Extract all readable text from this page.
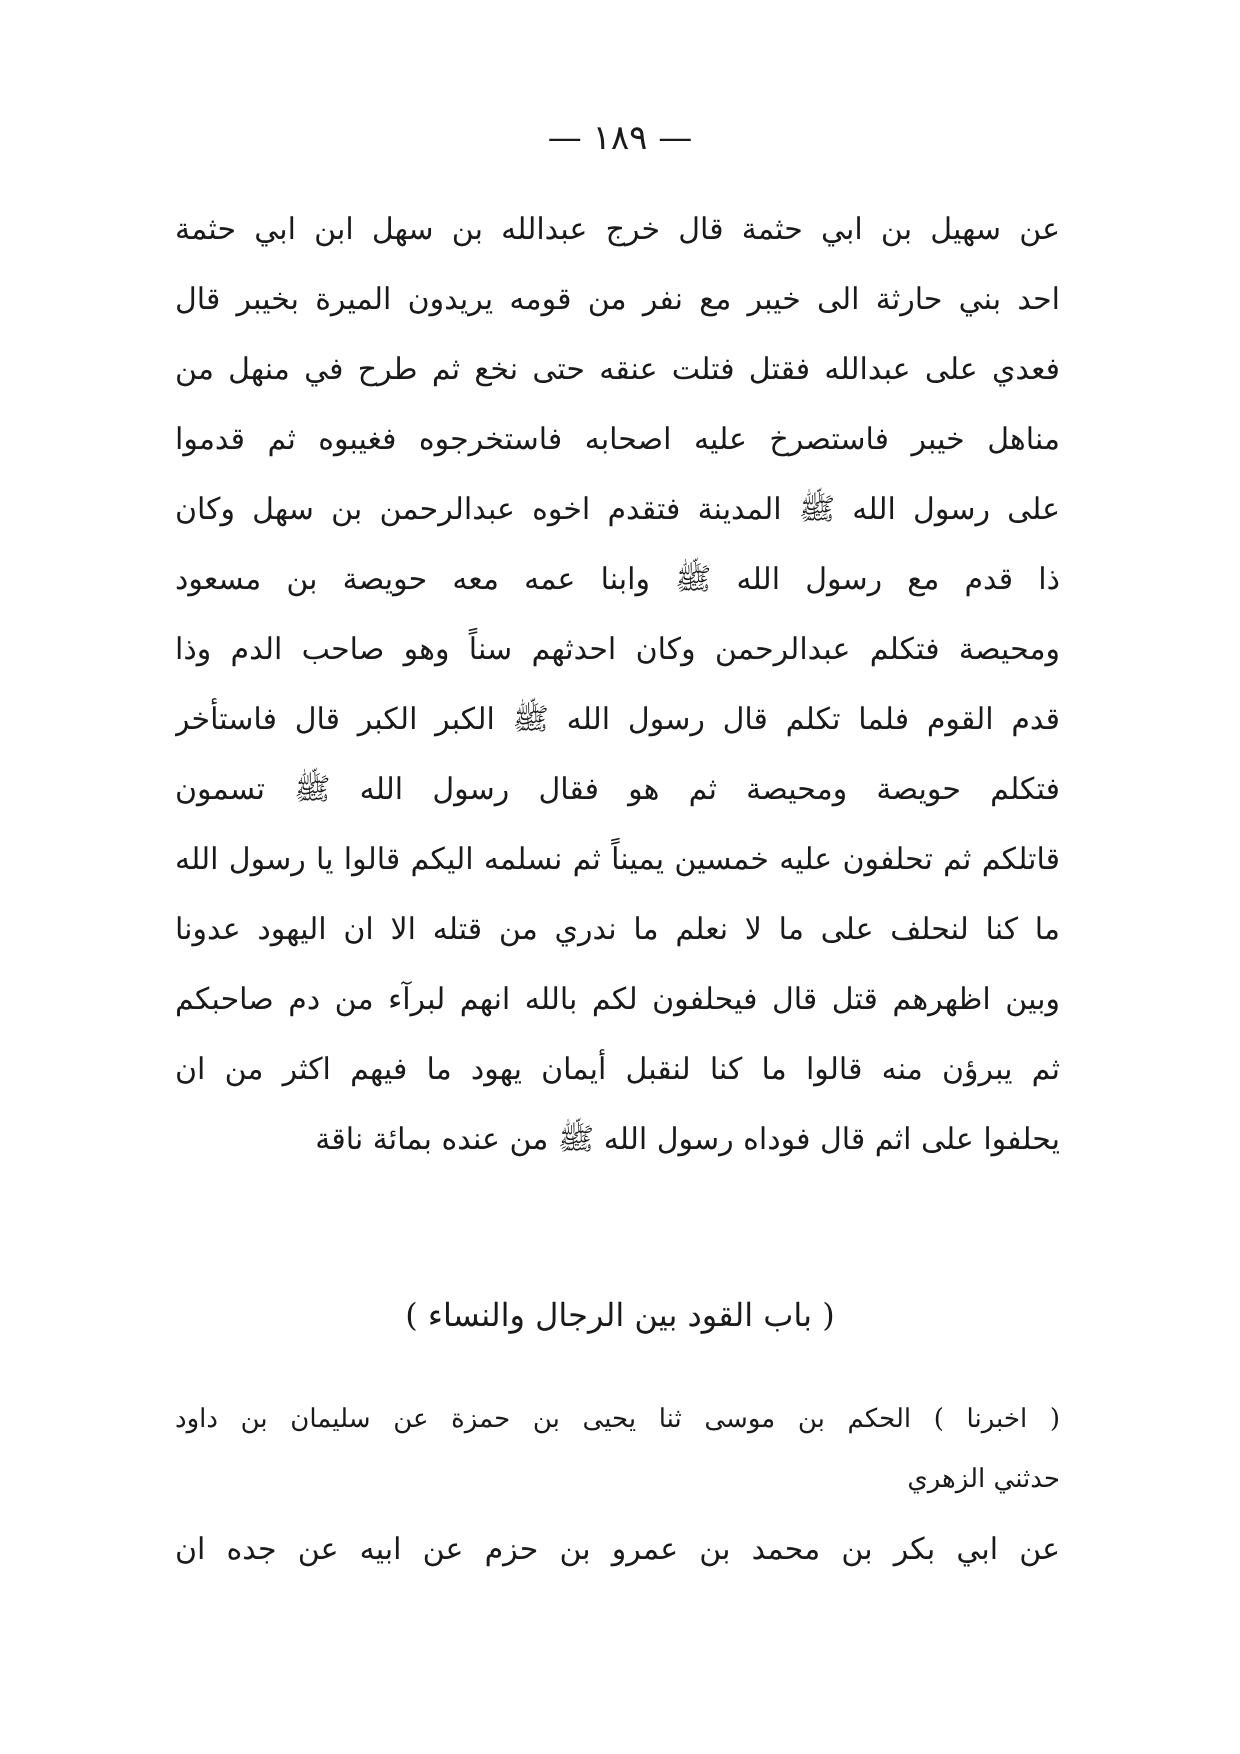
— ١٨٩ —
عن سهيل بن ابي حثمة قال خرج عبدالله بن سهل ابن ابي حثمة
احد بني حارثة الى خيبر مع نفر من قومه يريدون الميرة بخيبر قال
فعدي على عبدالله فقتل فتلت عنقه حتى نخع ثم طرح في منهل من
مناهل خيبر فاستصرخ عليه اصحابه فاستخرجوه فغيبوه ثم قدموا
على رسول الله ﷺ المدينة فتقدم اخوه عبدالرحمن بن سهل وكان
ذا قدم مع رسول الله ﷺ وابنا عمه معه حويصة بن مسعود
ومحيصة فتكلم عبدالرحمن وكان احدثهم سناً وهو صاحب الدم وذا
قدم القوم فلما تكلم قال رسول الله ﷺ الكبر الكبر قال فاستأخر
فتكلم حويصة ومحيصة ثم هو فقال رسول الله ﷺ تسمون
قاتلكم ثم تحلفون عليه خمسين يميناً ثم نسلمه اليكم قالوا يا رسول الله
ما كنا لنحلف على ما لا نعلم ما ندري من قتله الا ان اليهود عدونا
وبين اظهرهم قتل قال فيحلفون لكم بالله انهم لبرآء من دم صاحبكم
ثم يبرؤن منه قالوا ما كنا لنقبل أيمان يهود ما فيهم اكثر من ان
يحلفوا على اثم قال فوداه رسول الله ﷺ من عنده بمائة ناقة
( باب القود بين الرجال والنساء )
( اخبرنا ) الحكم بن موسى ثنا يحيى بن حمزة عن سليمان بن داود
حدثني الزهري
عن ابي بكر بن محمد بن عمرو بن حزم عن ابيه عن جده ان
